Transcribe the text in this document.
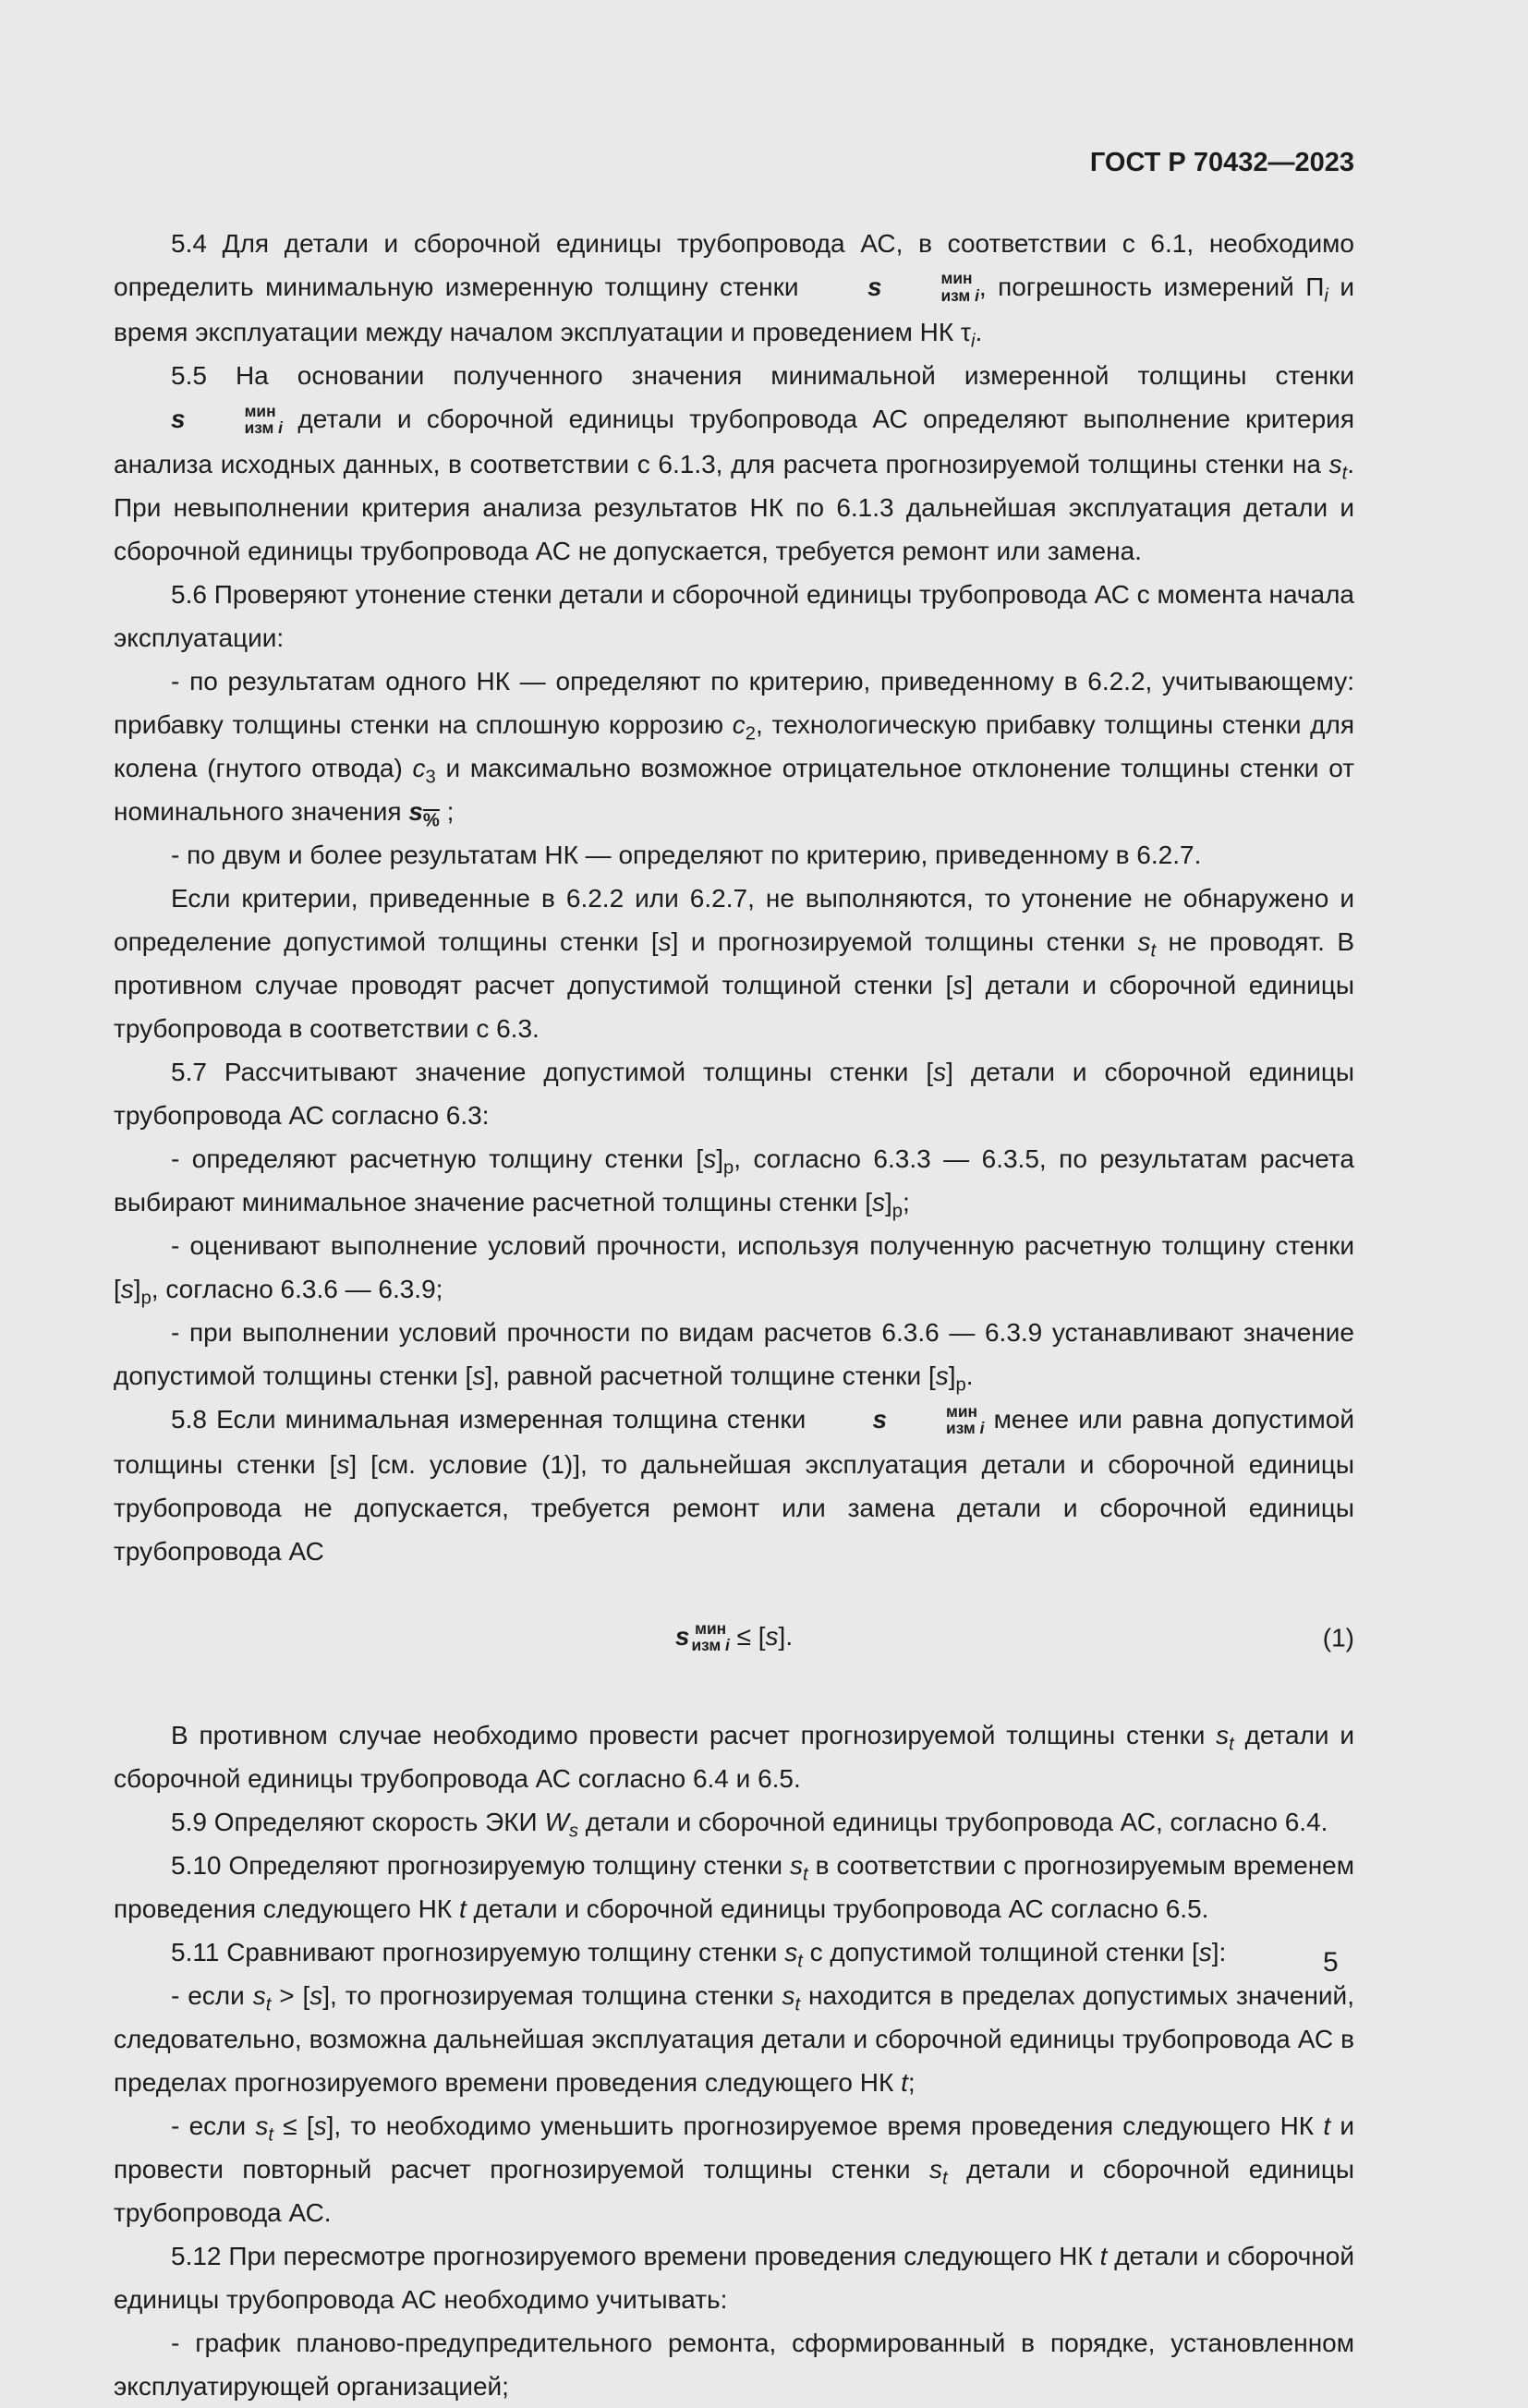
ГОСТ Р 70432—2023

5.4 Для детали и сборочной единицы трубопровода АС, в соответствии с 6.1, необходимо определить минимальную измеренную толщину стенки	s	мин
изм i , погрешность измерений $П_i$ и время эксплуатации между началом эксплуатации и проведением НК $\tau_i$.

5.5 На основании полученного значения минимальной измеренной толщины стенки
s	мин
изм i детали и сборочной единицы трубопровода АС определяют выполнение критерия анализа исходных данных, в соответствии с 6.1.3, для расчета прогнозируемой толщины стенки на $s_t$. При невыполнении критерия анализа результатов НК по 6.1.3 дальнейшая эксплуатация детали и сборочной единицы трубопровода АС не допускается, требуется ремонт или замена.

5.6 Проверяют утонение стенки детали и сборочной единицы трубопровода АС с момента начала эксплуатации:

- по результатам одного НК — определяют по критерию, приведенному в 6.2.2, учитывающему: прибавку толщины стенки на сплошную коррозию $c_2$, технологическую прибавку толщины стенки для колена (гнутого отвода) $c_3$ и максимально возможное отрицательное отклонение толщины стенки от номинального значения $s_{\%}$ ;

- по двум и более результатам НК — определяют по критерию, приведенному в 6.2.7.

Если критерии, приведенные в 6.2.2 или 6.2.7, не выполняются, то утонение не обнаружено и определение допустимой толщины стенки [s] и прогнозируемой толщины стенки $s_t$ не проводят. В противном случае проводят расчет допустимой толщиной стенки [s] детали и сборочной единицы трубопровода в соответствии с 6.3.

5.7 Рассчитывают значение допустимой толщины стенки [s] детали и сборочной единицы трубопровода АС согласно 6.3:

- определяют расчетную толщину стенки $[s]_р$, согласно 6.3.3 — 6.3.5, по результатам расчета выбирают минимальное значение расчетной толщины стенки $[s]_р$;

- оценивают выполнение условий прочности, используя полученную расчетную толщину стенки $[s]_р$, согласно 6.3.6 — 6.3.9;

- при выполнении условий прочности по видам расчетов 6.3.6 — 6.3.9 устанавливают значение допустимой толщины стенки [s], равной расчетной толщине стенки $[s]_р$.

5.8 Если минимальная измеренная толщина стенки	s	мин
изм i менее или равна допустимой толщины стенки [s] [см. условие (1)], то дальнейшая эксплуатация детали и сборочной единицы трубопровода не допускается, требуется ремонт или замена детали и сборочной единицы трубопровода АС

s мин
изм i ≤ [s].	(1)

В противном случае необходимо провести расчет прогнозируемой толщины стенки $s_t$ детали и сборочной единицы трубопровода АС согласно 6.4 и 6.5.

5.9 Определяют скорость ЭКИ $W_s$ детали и сборочной единицы трубопровода АС, согласно 6.4.

5.10 Определяют прогнозируемую толщину стенки $s_t$ в соответствии с прогнозируемым временем проведения следующего НК t детали и сборочной единицы трубопровода АС согласно 6.5.

5.11 Сравнивают прогнозируемую толщину стенки $s_t$ с допустимой толщиной стенки [s]:

- если $s_t > [s]$, то прогнозируемая толщина стенки $s_t$ находится в пределах допустимых значений, следовательно, возможна дальнейшая эксплуатация детали и сборочной единицы трубопровода АС в пределах прогнозируемого времени проведения следующего НК t;

- если $s_t \le [s]$, то необходимо уменьшить прогнозируемое время проведения следующего НК t и провести повторный расчет прогнозируемой толщины стенки $s_t$ детали и сборочной единицы трубопровода АС.

5.12 При пересмотре прогнозируемого времени проведения следующего НК t детали и сборочной единицы трубопровода АС необходимо учитывать:

- график планово-предупредительного ремонта, сформированный в порядке, установленном эксплуатирующей организацией;

5
